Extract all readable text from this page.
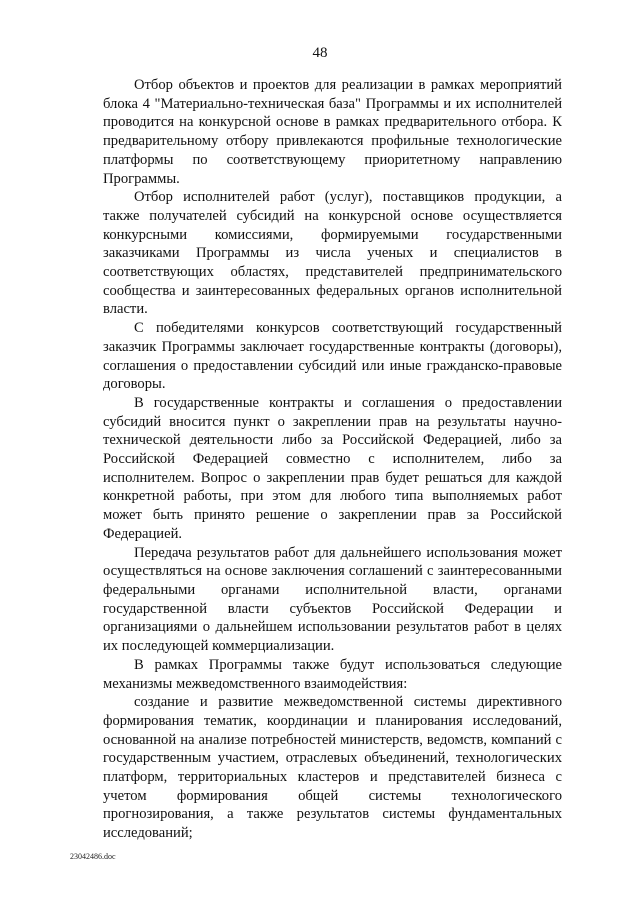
48

Отбор объектов и проектов для реализации в рамках мероприятий блока 4 "Материально-техническая база" Программы и их исполнителей проводится на конкурсной основе в рамках предварительного отбора. К предварительному отбору привлекаются профильные технологические платформы по соответствующему приоритетному направлению Программы.

Отбор исполнителей работ (услуг), поставщиков продукции, а также получателей субсидий на конкурсной основе осуществляется конкурсными комиссиями, формируемыми государственными заказчиками Программы из числа ученых и специалистов в соответствующих областях, представителей предпринимательского сообщества и заинтересованных федеральных органов исполнительной власти.

С победителями конкурсов соответствующий государственный заказчик Программы заключает государственные контракты (договоры), соглашения о предоставлении субсидий или иные гражданско-правовые договоры.

В государственные контракты и соглашения о предоставлении субсидий вносится пункт о закреплении прав на результаты научно-технической деятельности либо за Российской Федерацией, либо за Российской Федерацией совместно с исполнителем, либо за исполнителем. Вопрос о закреплении прав будет решаться для каждой конкретной работы, при этом для любого типа выполняемых работ может быть принято решение о закреплении прав за Российской Федерацией.

Передача результатов работ для дальнейшего использования может осуществляться на основе заключения соглашений с заинтересованными федеральными органами исполнительной власти, органами государственной власти субъектов Российской Федерации и организациями о дальнейшем использовании результатов работ в целях их последующей коммерциализации.

В рамках Программы также будут использоваться следующие механизмы межведомственного взаимодействия:

создание и развитие межведомственной системы директивного формирования тематик, координации и планирования исследований, основанной на анализе потребностей министерств, ведомств, компаний с государственным участием, отраслевых объединений, технологических платформ, территориальных кластеров и представителей бизнеса с учетом формирования общей системы технологического прогнозирования, а также результатов системы фундаментальных исследований;

23042486.doc
